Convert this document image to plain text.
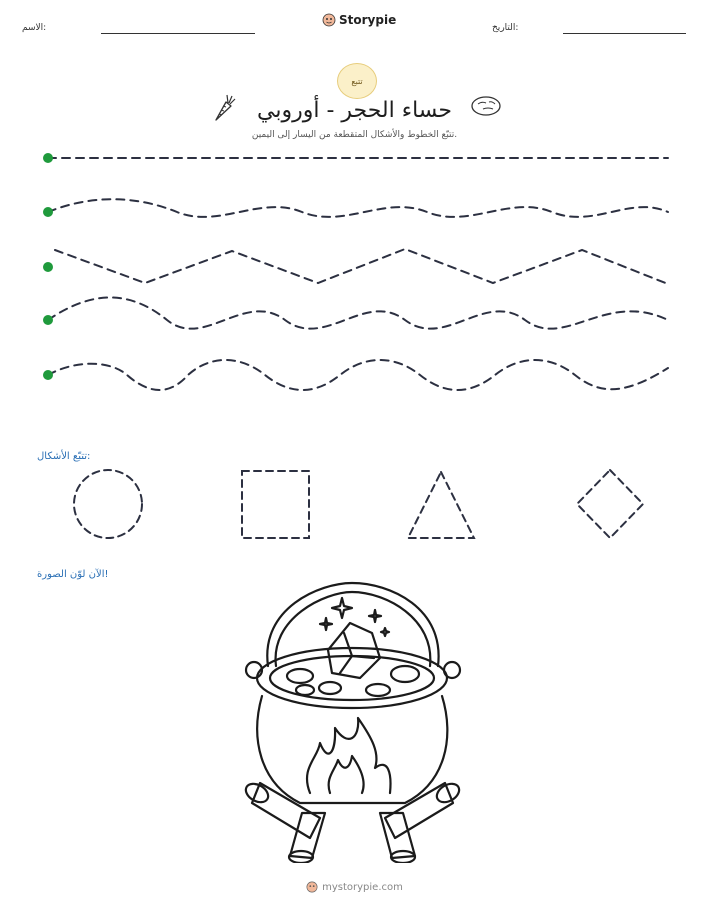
الاسم:
Storypie
التاريخ:
تتبع
حساء الحجر - أوروبي
تتبّع الخطوط والأشكال المتقطعة من اليسار إلى اليمين.
تتبّع الأشكال:
الآن لوّن الصورة!
mystorypie.com
